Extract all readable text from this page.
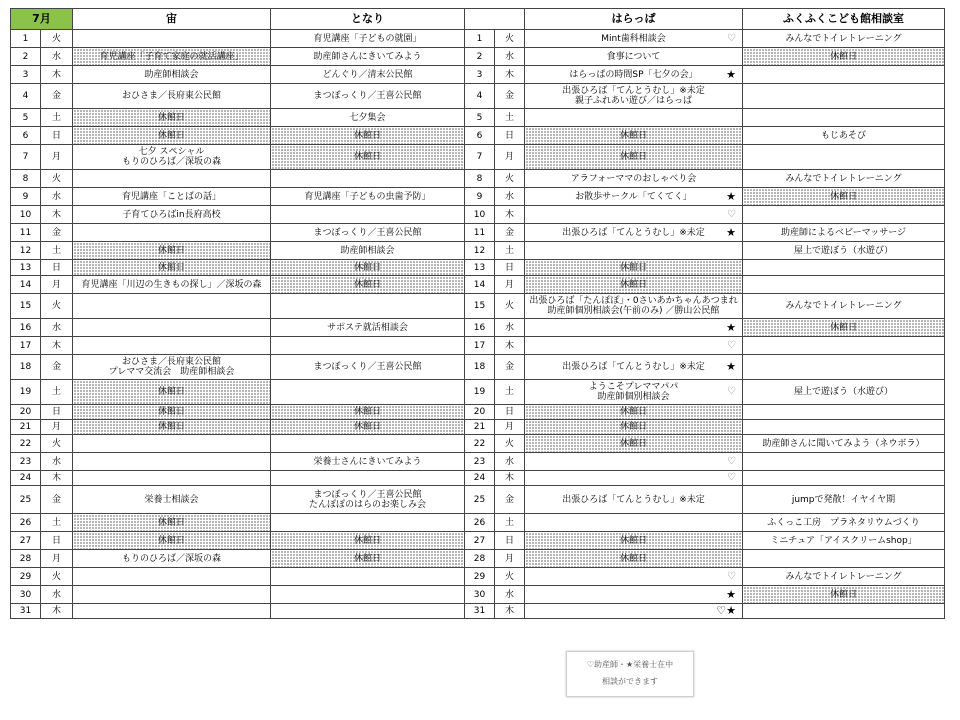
7月		宙	となり			はらっぱ	ふくふくこども館相談室
1	火		育児講座「子どもの就園」	1	火	Mint歯科相談会 ♡	みんなでトイレトレーニング
2	水	育児講座「子育て家庭の就活講座」	助産師さんにきいてみよう	2	水	食事について	休館日
3	木	助産師相談会	どんぐり／清末公民館	3	木	はらっぱの時間SP「七夕の会」 ★	

4	金	おひさま／長府東公民館	まつぼっくり／王喜公民館	4	金	出張ひろば「てんとうむし」※未定
親子ふれあい遊び／はらっぱ	
5	土	休館日	七夕集会	5	土		
6	日	休館日	休館日	6	日	休館日	もじあそび
7	月	七夕 スペシャル
もりのひろば／深坂の森	休館日	7	月	休館日	
8	火			8	火	アラフォーママのおしゃべり会	みんなでトイレトレーニング
9	水	育児講座「ことばの話」	育児講座「子どもの虫歯予防」	9	水	お散歩サークル「てくてく」 ★	休館日
10	木	子育てひろばin長府高校		10	木	♡	

11	金		まつぼっくり／王喜公民館	11	金	出張ひろば「てんとうむし」※未定 ★	助産師によるベビーマッサージ
12	土	休館日	助産師相談会	12	土		屋上で遊ぼう（水遊び）
13	日	休館日	休館日	13	日	休館日	
14	月	育児講座「川辺の生きもの探し」／深坂の森	休館日	14	月	休館日	
15	火			15	火	出張ひろば「たんぽぽ」・0さいあかちゃんあつまれ
助産師個別相談会(午前のみ) ／勝山公民館	みんなでトイレトレーニング
16	水		サポステ就活相談会	16	水	★	休館日
17	木			17	木	♡	

18	金	おひさま／長府東公民館
プレママ交流会　助産師相談会	まつぼっくり／王喜公民館	18	金	出張ひろば「てんとうむし」※未定 ★	

19	土	休館日		19	土	ようこそプレママパパ
助産師個別相談会 ♡	屋上で遊ぼう（水遊び）
20	日	休館日	休館日	20	日	休館日	
21	月	休館日	休館日	21	月	休館日	
22	火			22	火	休館日	助産師さんに聞いてみよう（ネウボラ）
23	水		栄養士さんにきいてみよう	23	水	♡	

24	木			24	木	♡	

25	金	栄養士相談会	まつぼっくり／王喜公民館
たんぽぽのはらのお楽しみ会	25	金	出張ひろば「てんとうむし」※未定	jumpで発散！イヤイヤ期
26	土	休館日		26	土		ふくっこ工房　プラネタリウムづくり
27	日	休館日	休館日	27	日	休館日	ミニチュア「アイスクリームshop」
28	月	もりのひろば／深坂の森	休館日	28	月	休館日	
29	火			29	火	♡	みんなでトイレトレーニング
30	水			30	水	★	休館日
31	木			31	木	♡★	

♡助産師・★栄養士在中
相談ができます
